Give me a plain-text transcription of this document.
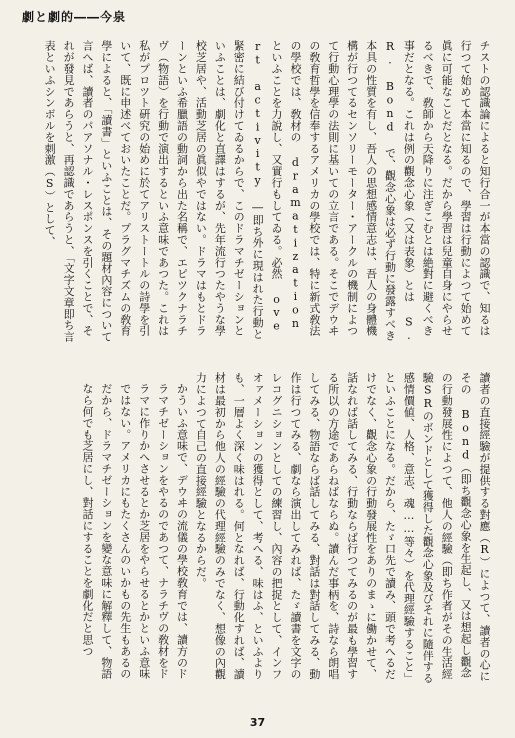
劇と劇的――今泉

チストの認識論によると知行合一が本當の認識で、知るは行つて始めて本當に知るので、學習は行動によつて始めて眞に可能なことだとなる。だから學習は兒童自身にやらせるべきで、敎師から天降りに注ぎこむとは絶對に避くべき事だとなる。これは例の觀念心象（又は表象）とは S.R. Bond で、觀念心象は必ず行動に發露すべき本具の性質を有し、吾人の思想感情意志は、吾人の身體機構が行つてるセンソリーモーター・アークルの機制によつて行動心理學の法則に基いての立言である。そこでデウヰの敎育哲學を信奉するアメリカの學校では、特に新式敎法の學校では、敎材の dramatization といふことを力說し、又實行もしてゐる。必然 overt activity ―即ち外に現はれた行動と緊密に結び付けてゐるからで、このドラマチゼーションといふことは、劇化と直譯はするが、先年流行つたやうな學校芝居や、活動芝居の眞似やではない。ドラマはもとドラーンといふ希臘語の動詞から出た名稱で、エピツクナラチヴ（物語）を行動で演出するといふ意味であつた。これは私がプロツト硏究の始めに於てアリストートルの詩學を引いて、既に申述べておいたことだ。プラグマチズムの敎育學によると、「讀書」といふことは、その題材內容について言へば、讀者のパアソナル・レスポンスを引くことで、それが發見であらうと、再認識であらうと、「文字文章即ち言表といふシンボルを刺激（S）として、

讀者の直接經驗が提供する對應（R）によつて、讀者の心にその Bond（即ち觀念心象を生起し、又は想起し觀念の行動發展性によつて、他人の經驗（即ち作者がその生活經驗SRのボンドとして獲得した觀念心象及びそれに隨伴する感情價値、人格、意志、魂……等々）を代理經驗すること」といふことになる。だから、たゞ口先で讀み、頭で考へるだけでなく、觀念心象の行動發展性をありのまゝに働かせて、話なれば話してみる、行動ならば行つてみるのが最も學習する所以の方途であらねばならぬ。讀んだ事柄を、詩なら朗唱してみる、物語ならば話してみる、對話は對話してみる、動作は行つてみる、劇なら演出してみれば、たゞ讀書を文字のレコグニションとしての練習し、內容の把捉として、インフオァメーションの獲得として、考へる、味はふ、といふよりも、一層よく深く味はれる。何となれば、行動化すれば、讀材は最初から他人の經驗の代理經驗のみでなく、想像の內觀力によつて自己の直接經驗となるからだ。

かういふ意味で、デウヰの流儀の學校敎育では、讀方のドラマチゼーションをやるのであつて、ナラチヴの敎材をドラマに作りかへさせるとか芝居をやらせるとかといふ意味ではない。アメリカにもたくさんのいかもの先生もあるのだから、ドラマチゼーションを變な意味に解釋して、物語なら何でも芝居にし、對話にすることを劇化だと思つ

37
